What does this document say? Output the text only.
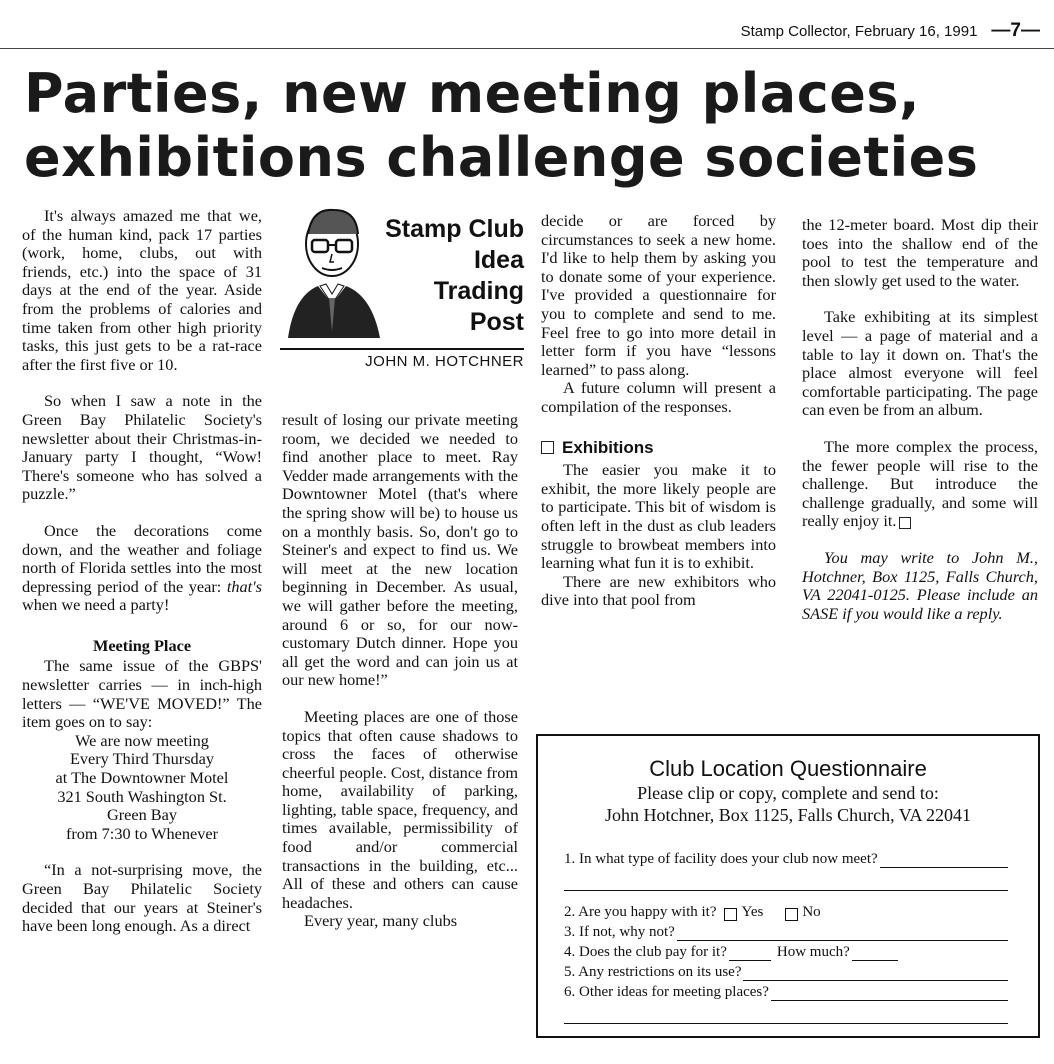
Stamp Collector, February 16, 1991 —7—
Parties, new meeting places,
exhibitions challenge societies

It's always amazed me that we, of the human kind, pack 17 parties (work, home, clubs, out with friends, etc.) into the space of 31 days at the end of the year. Aside from the problems of calories and time taken from other high priority tasks, this just gets to be a rat-race after the first five or 10.

So when I saw a note in the Green Bay Philatelic Society's newsletter about their Christmas-in-January party I thought, “Wow! There's someone who has solved a puzzle.”

Once the decorations come down, and the weather and foliage north of Florida settles into the most depressing period of the year: that's when we need a party!

Meeting Place

The same issue of the GBPS' newsletter carries — in inch-high letters — “WE'VE MOVED!” The item goes on to say:

We are now meeting
Every Third Thursday
at The Downtowner Motel
321 South Washington St.
Green Bay
from 7:30 to Whenever

“In a not-surprising move, the Green Bay Philatelic Society decided that our years at Steiner's have been long enough. As a direct

Stamp Club
Idea
Trading
Post
JOHN M. HOTCHNER

result of losing our private meeting room, we decided we needed to find another place to meet. Ray Vedder made arrangements with the Downtowner Motel (that's where the spring show will be) to house us on a monthly basis. So, don't go to Steiner's and expect to find us. We will meet at the new location beginning in December. As usual, we will gather before the meeting, around 6 or so, for our now-customary Dutch dinner. Hope you all get the word and can join us at our new home!”

Meeting places are one of those topics that often cause shadows to cross the faces of otherwise cheerful people. Cost, distance from home, availability of parking, lighting, table space, frequency, and times available, permissibility of food and/or commercial transactions in the building, etc... All of these and others can cause headaches.

Every year, many clubs

decide or are forced by circumstances to seek a new home. I'd like to help them by asking you to donate some of your experience. I've provided a questionnaire for you to complete and send to me. Feel free to go into more detail in letter form if you have “lessons learned” to pass along.

A future column will present a compilation of the responses.

Exhibitions

The easier you make it to exhibit, the more likely people are to participate. This bit of wisdom is often left in the dust as club leaders struggle to browbeat members into learning what fun it is to exhibit.

There are new exhibitors who dive into that pool from

the 12-meter board. Most dip their toes into the shallow end of the pool to test the temperature and then slowly get used to the water.

Take exhibiting at its simplest level — a page of material and a table to lay it down on. That's the place almost everyone will feel comfortable participating. The page can even be from an album.

The more complex the process, the fewer people will rise to the challenge. But introduce the challenge gradually, and some will really enjoy it.

You may write to John M., Hotchner, Box 1125, Falls Church, VA 22041-0125. Please include an SASE if you would like a reply.

Club Location Questionnaire
Please clip or copy, complete and send to:
John Hotchner, Box 1125, Falls Church, VA 22041
1. In what type of facility does your club now meet?
2. Are you happy with it? Yes	No
3. If not, why not?
4. Does the club pay for it?	How much?
5. Any restrictions on its use?
6. Other ideas for meeting places?
